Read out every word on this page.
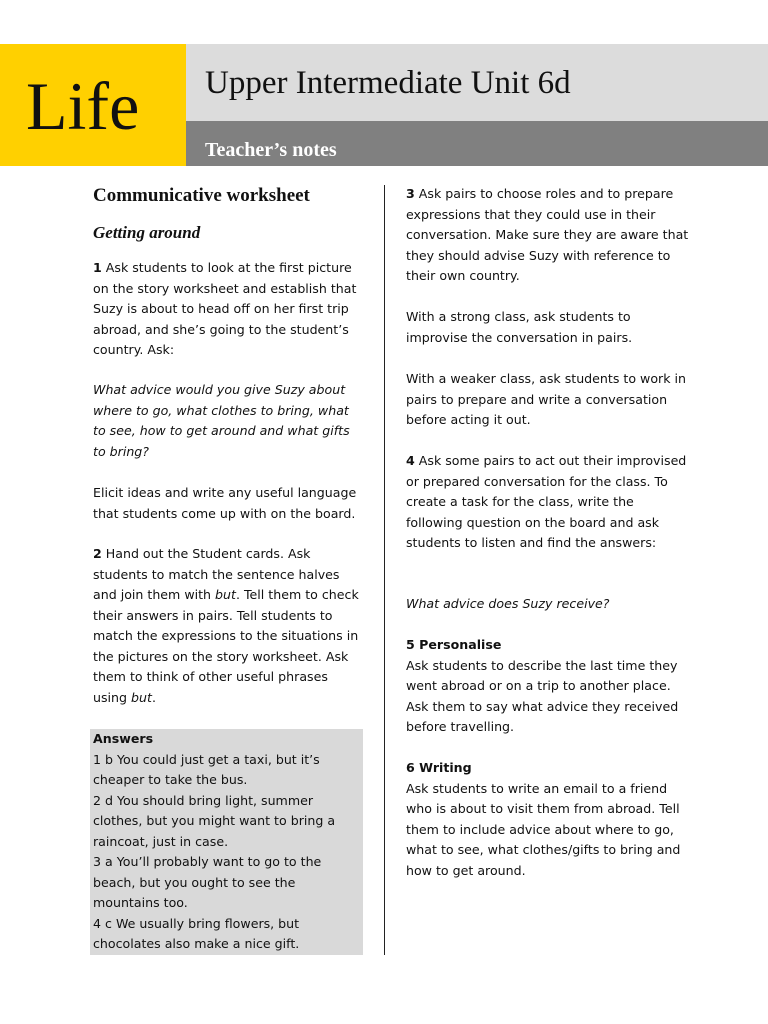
Life Upper Intermediate Unit 6d
Teacher’s notes
Communicative worksheet
Getting around

1 Ask students to look at the first picture on the story worksheet and establish that Suzy is about to head off on her first trip abroad, and she’s going to the student’s country. Ask:

What advice would you give Suzy about where to go, what clothes to bring, what to see, how to get around and what gifts to bring?

Elicit ideas and write any useful language that students come up with on the board.

2 Hand out the Student cards. Ask students to match the sentence halves and join them with but. Tell them to check their answers in pairs. Tell students to match the expressions to the situations in the pictures on the story worksheet. Ask them to think of other useful phrases using but.

Answers

1 b You could just get a taxi, but it’s cheaper to take the bus.

2 d You should bring light, summer clothes, but you might want to bring a raincoat, just in case.

3 a You’ll probably want to go to the beach, but you ought to see the mountains too.

4 c We usually bring flowers, but chocolates also make a nice gift.

3 Ask pairs to choose roles and to prepare expressions that they could use in their conversation. Make sure they are aware that they should advise Suzy with reference to their own country.

With a strong class, ask students to improvise the conversation in pairs.

With a weaker class, ask students to work in pairs to prepare and write a conversation before acting it out.

4 Ask some pairs to act out their improvised or prepared conversation for the class. To create a task for the class, write the following question on the board and ask students to listen and find the answers:

What advice does Suzy receive?

5 Personalise

Ask students to describe the last time they went abroad or on a trip to another place. Ask them to say what advice they received before travelling.

6 Writing

Ask students to write an email to a friend who is about to visit them from abroad. Tell them to include advice about where to go, what to see, what clothes/gifts to bring and how to get around.
